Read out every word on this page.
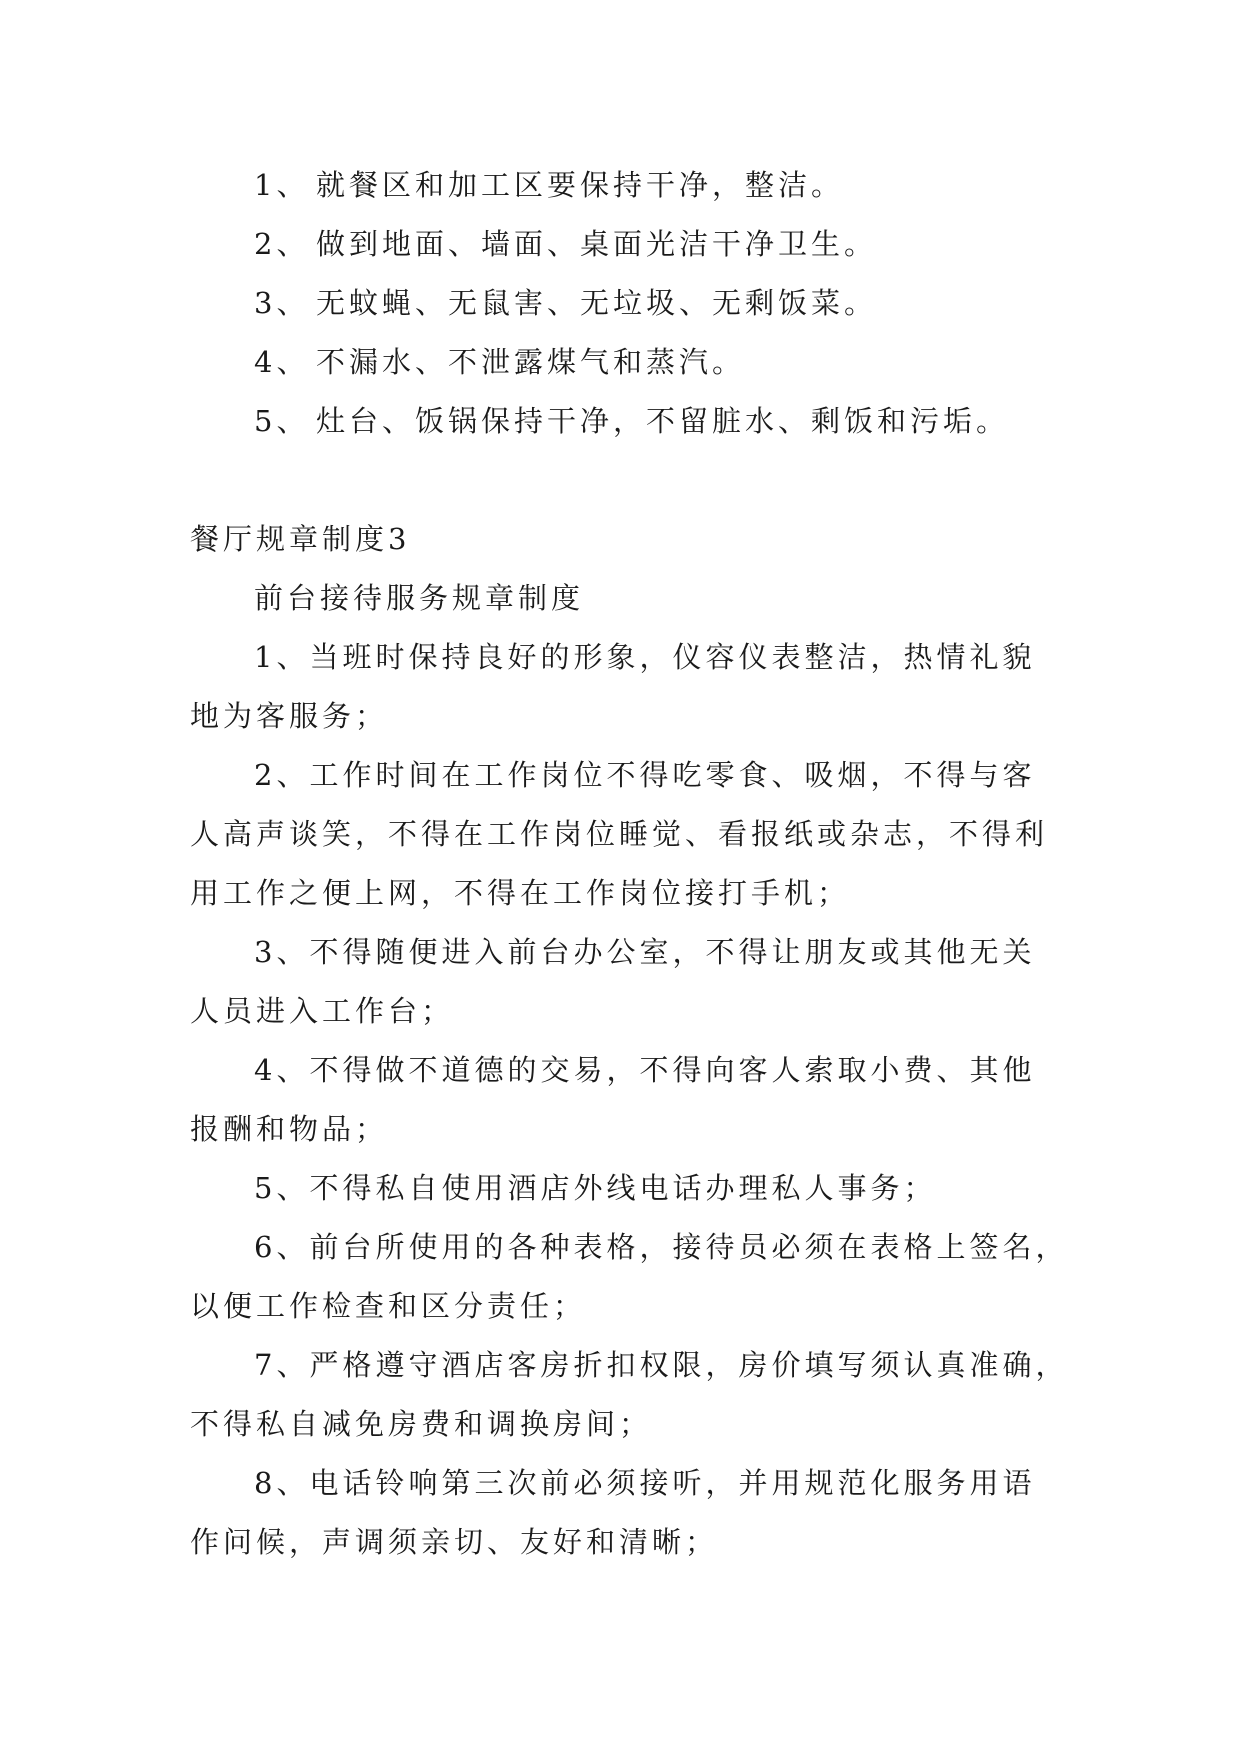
1、 就餐区和加工区要保持干净，整洁。
2、 做到地面、墙面、桌面光洁干净卫生。
3、 无蚊蝇、无鼠害、无垃圾、无剩饭菜。
4、 不漏水、不泄露煤气和蒸汽。
5、 灶台、饭锅保持干净，不留脏水、剩饭和污垢。
餐厅规章制度3
前台接待服务规章制度
1、当班时保持良好的形象，仪容仪表整洁，热情礼貌
地为客服务；
2、工作时间在工作岗位不得吃零食、吸烟，不得与客
人高声谈笑，不得在工作岗位睡觉、看报纸或杂志，不得利
用工作之便上网，不得在工作岗位接打手机；
3、不得随便进入前台办公室，不得让朋友或其他无关
人员进入工作台；
4、不得做不道德的交易，不得向客人索取小费、其他
报酬和物品；
5、不得私自使用酒店外线电话办理私人事务；
6、前台所使用的各种表格，接待员必须在表格上签名，
以便工作检查和区分责任；
7、严格遵守酒店客房折扣权限，房价填写须认真准确，
不得私自减免房费和调换房间；
8、电话铃响第三次前必须接听，并用规范化服务用语
作问候，声调须亲切、友好和清晰；
